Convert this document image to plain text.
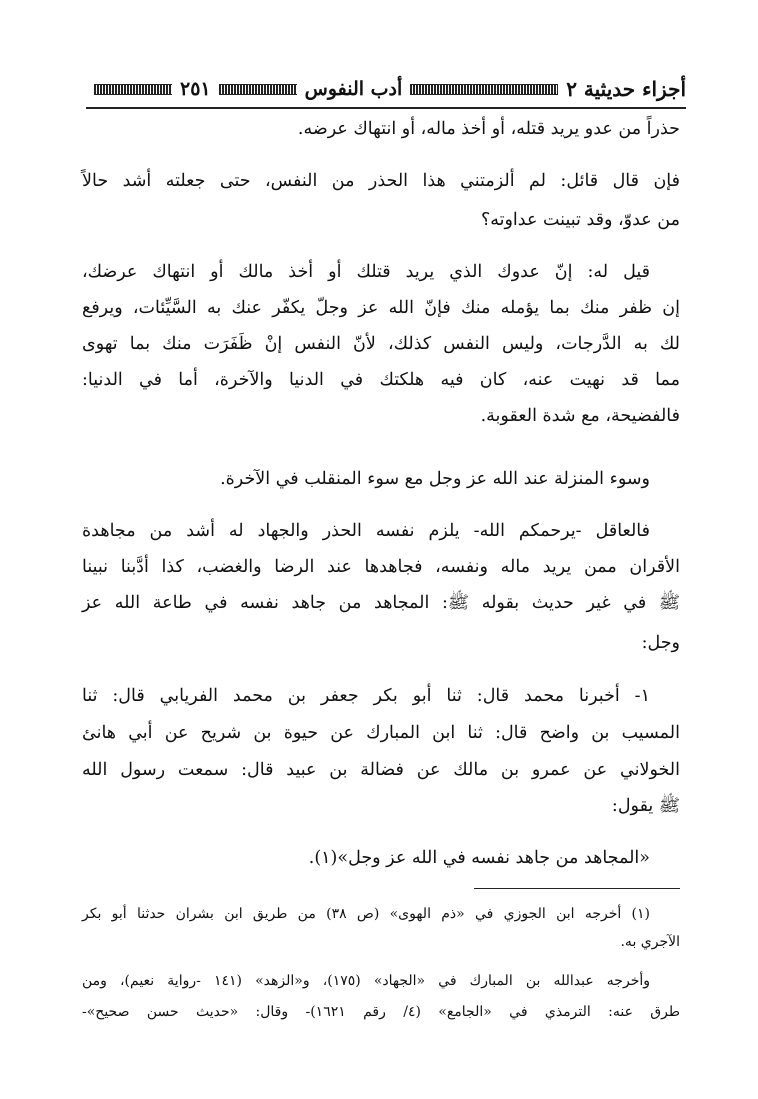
أجزاء حديثية ٢
أدب النفوس
٢٥١
حذراً من عدو يريد قتله، أو أخذ ماله، أو انتهاك عرضه.
فإن قال قائل: لم ألزمتني هذا الحذر من النفس، حتى جعلته أشد حالاً
من عدوّ، وقد تبينت عداوته؟
قيل له: إنّ عدوك الذي يريد قتلك أو أخذ مالك أو انتهاك عرضك،
إن ظفر منك بما يؤمله منك فإنّ الله عز وجلّ يكفّر عنك به السَّيِّئات، ويرفع
لك به الدَّرجات، وليس النفس كذلك، لأنّ النفس إنْ ظَفَرَت منك بما تهوى
مما قد نهيت عنه، كان فيه هلكتك في الدنيا والآخرة، أما في الدنيا:
فالفضيحة، مع شدة العقوبة.
وسوء المنزلة عند الله عز وجل مع سوء المنقلب في الآخرة.
فالعاقل -يرحمكم الله- يلزم نفسه الحذر والجهاد له أشد من مجاهدة
الأقران ممن يريد ماله ونفسه، فجاهدها عند الرضا والغضب، كذا أدَّبنا نبينا
ﷺ في غير حديث بقوله ﷺ: المجاهد من جاهد نفسه في طاعة الله عز
وجل:
١- أخبرنا محمد قال: ثنا أبو بكر جعفر بن محمد الفريابي قال: ثنا
المسيب بن واضح قال: ثنا ابن المبارك عن حيوة بن شريح عن أبي هانئ
الخولاني عن عمرو بن مالك عن فضالة بن عبيد قال: سمعت رسول الله
ﷺ يقول:
«المجاهد من جاهد نفسه في الله عز وجل»(١).
(١) أخرجه ابن الجوزي في «ذم الهوى» (ص ٣٨) من طريق ابن بشران حدثنا أبو بكر
الآجري به.
وأخرجه عبدالله بن المبارك في «الجهاد» (١٧٥)، و«الزهد» (١٤١ -رواية نعيم)، ومن
طرق عنه: الترمذي في «الجامع» (٤/ رقم ١٦٢١)- وقال: «حديث حسن صحيح»-
